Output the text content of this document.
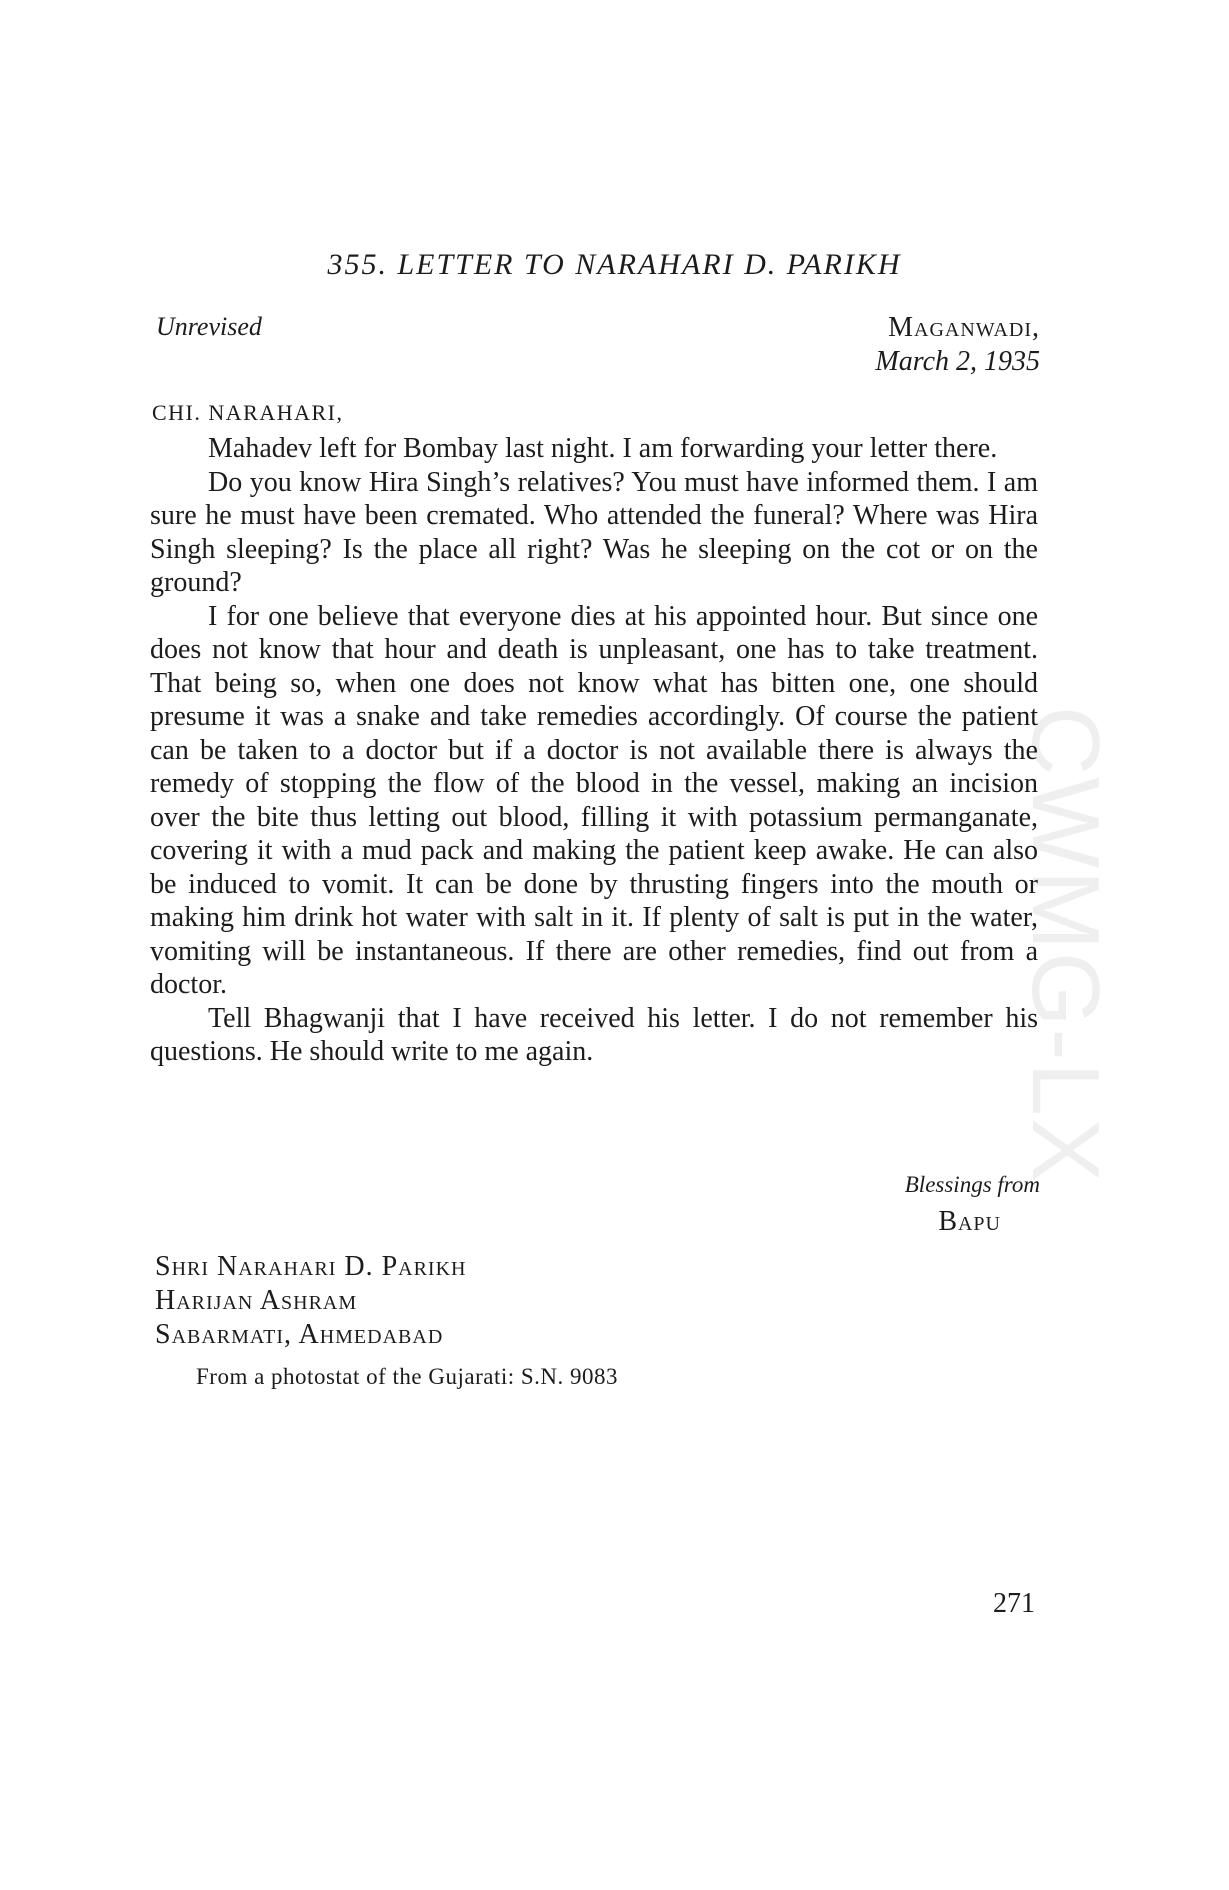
CWMG-LX
355. LETTER TO NARAHARI D. PARIKH
Unrevised	Maganwadi,
March 2, 1935
CHI. NARAHARI,

Mahadev left for Bombay last night. I am forwarding your letter there.

Do you know Hira Singh’s relatives? You must have informed them. I am sure he must have been cremated. Who attended the funeral? Where was Hira Singh sleeping? Is the place all right? Was he sleeping on the cot or on the ground?

I for one believe that everyone dies at his appointed hour. But since one does not know that hour and death is unpleasant, one has to take treatment. That being so, when one does not know what has bitten one, one should presume it was a snake and take remedies accordingly. Of course the patient can be taken to a doctor but if a doctor is not available there is always the remedy of stopping the flow of the blood in the vessel, making an incision over the bite thus letting out blood, filling it with potassium permanganate, covering it with a mud pack and making the patient keep awake. He can also be induced to vomit. It can be done by thrusting fingers into the mouth or making him drink hot water with salt in it. If plenty of salt is put in the water, vomiting will be instantaneous. If there are other remedies, find out from a doctor.

Tell Bhagwanji that I have received his letter. I do not remember his questions. He should write to me again.

Blessings from
Bapu
Shri Narahari D. Parikh
Harijan Ashram
Sabarmati, Ahmedabad
From a photostat of the Gujarati: S.N. 9083
271
